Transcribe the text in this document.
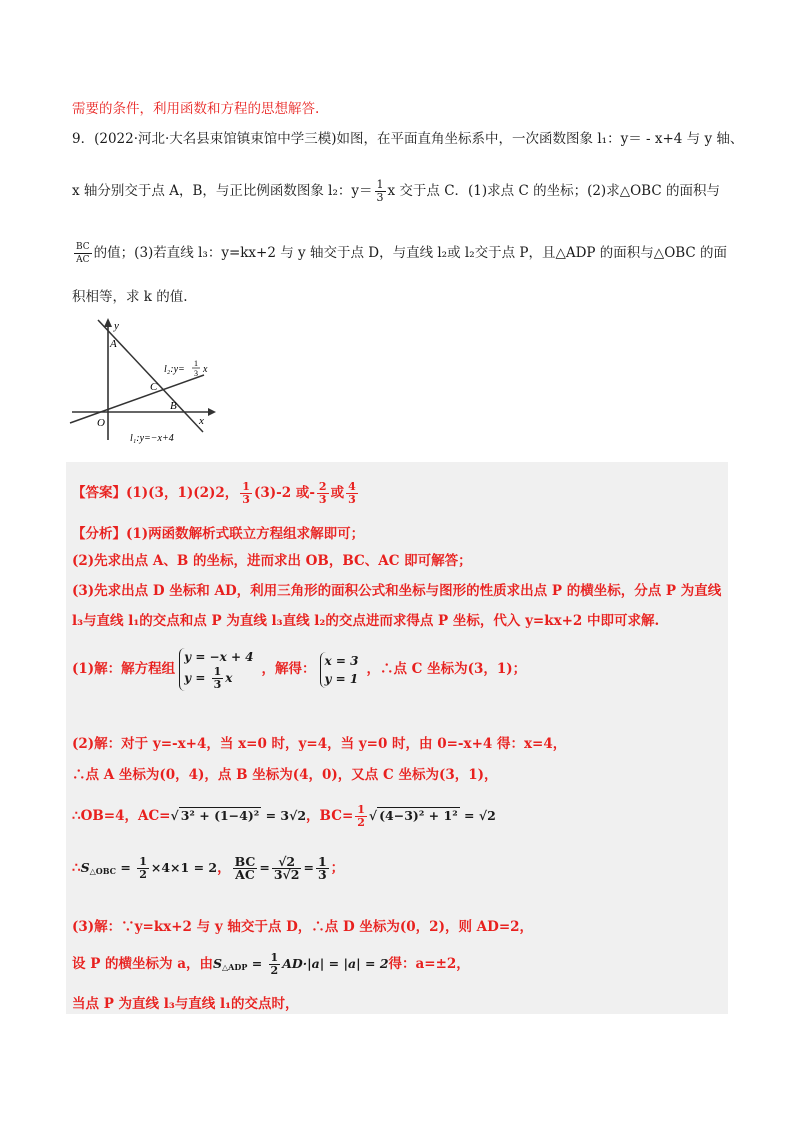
需要的条件，利用函数和方程的思想解答.
9．(2022·河北·大名县束馆镇束馆中学三模)如图，在平面直角坐标系中，一次函数图象 l₁：y＝ - x+4 与 y 轴、
x 轴分别交于点 A，B，与正比例函数图象 l₂：$y= \frac{1}{3}$ x 交于点 C．(1)求点 C 的坐标；(2)求△OBC 的面积与
$\frac{BC}{AC}$ 的值；(3)若直线 l₃：y=kx+2 与 y 轴交于点 D，与直线 l₂或 l₂交于点 P，且△ADP 的面积与△OBC 的面
积相等，求 k 的值.
y
x
O
A
C
B
l₂:y=
1
3 x
l₁:y=−x+4
【答案】(1)(3，1)(2)2， $\frac{1}{3} (3)-2$ 或- $\frac{2}{3}$ 或 $\frac{4}{3}$
【分析】(1)两函数解析式联立方程组求解即可；
(2)先求出点 A、B 的坐标，进而求出 OB，BC、AC 即可解答；
(3)先求出点 D 坐标和 AD，利用三角形的面积公式和坐标与图形的性质求出点 P 的横坐标，分点 P 为直线
l₃与直线 l₁的交点和点 P 为直线 l₃直线 l₂的交点进而求得点 P 坐标，代入 y=kx+2 中即可求解.
(1)解：解方程组
y = −x + 4
$y = \frac{1}{3}$ x
，解得：
x = 3
y = 1
，∴点 C 坐标为(3，1)；
(2)解：对于 y=-x+4，当 x=0 时，y=4，当 y=0 时，由 0=-x+4 得：x=4，
∴点 A 坐标为(0，4)，点 B 坐标为(4，0)，又点 C 坐标为(3，1)，
∴OB=4，AC=√ 3² + (1−4)² = 3√2，$BC= \frac{1}{2}$ √ (4−3)² + 1² = √2
$\therefore S_{\triangle OBC} = \frac{1}{2} \times 4\times 1 = 2$， $\frac{BC}{AC} = \frac{√2}{3√2} = \frac{1}{3}$ ；
(3)解：∵y=kx+2 与 y 轴交于点 D，∴点 D 坐标为(0，2)，则 AD=2，
设 P 的横坐标为 a，由$S_{\triangle ADP} = \frac{1}{2} AD\cdot|a| = |a| = 2$得：a=±2，
当点 P 为直线 l₃与直线 l₁的交点时，
